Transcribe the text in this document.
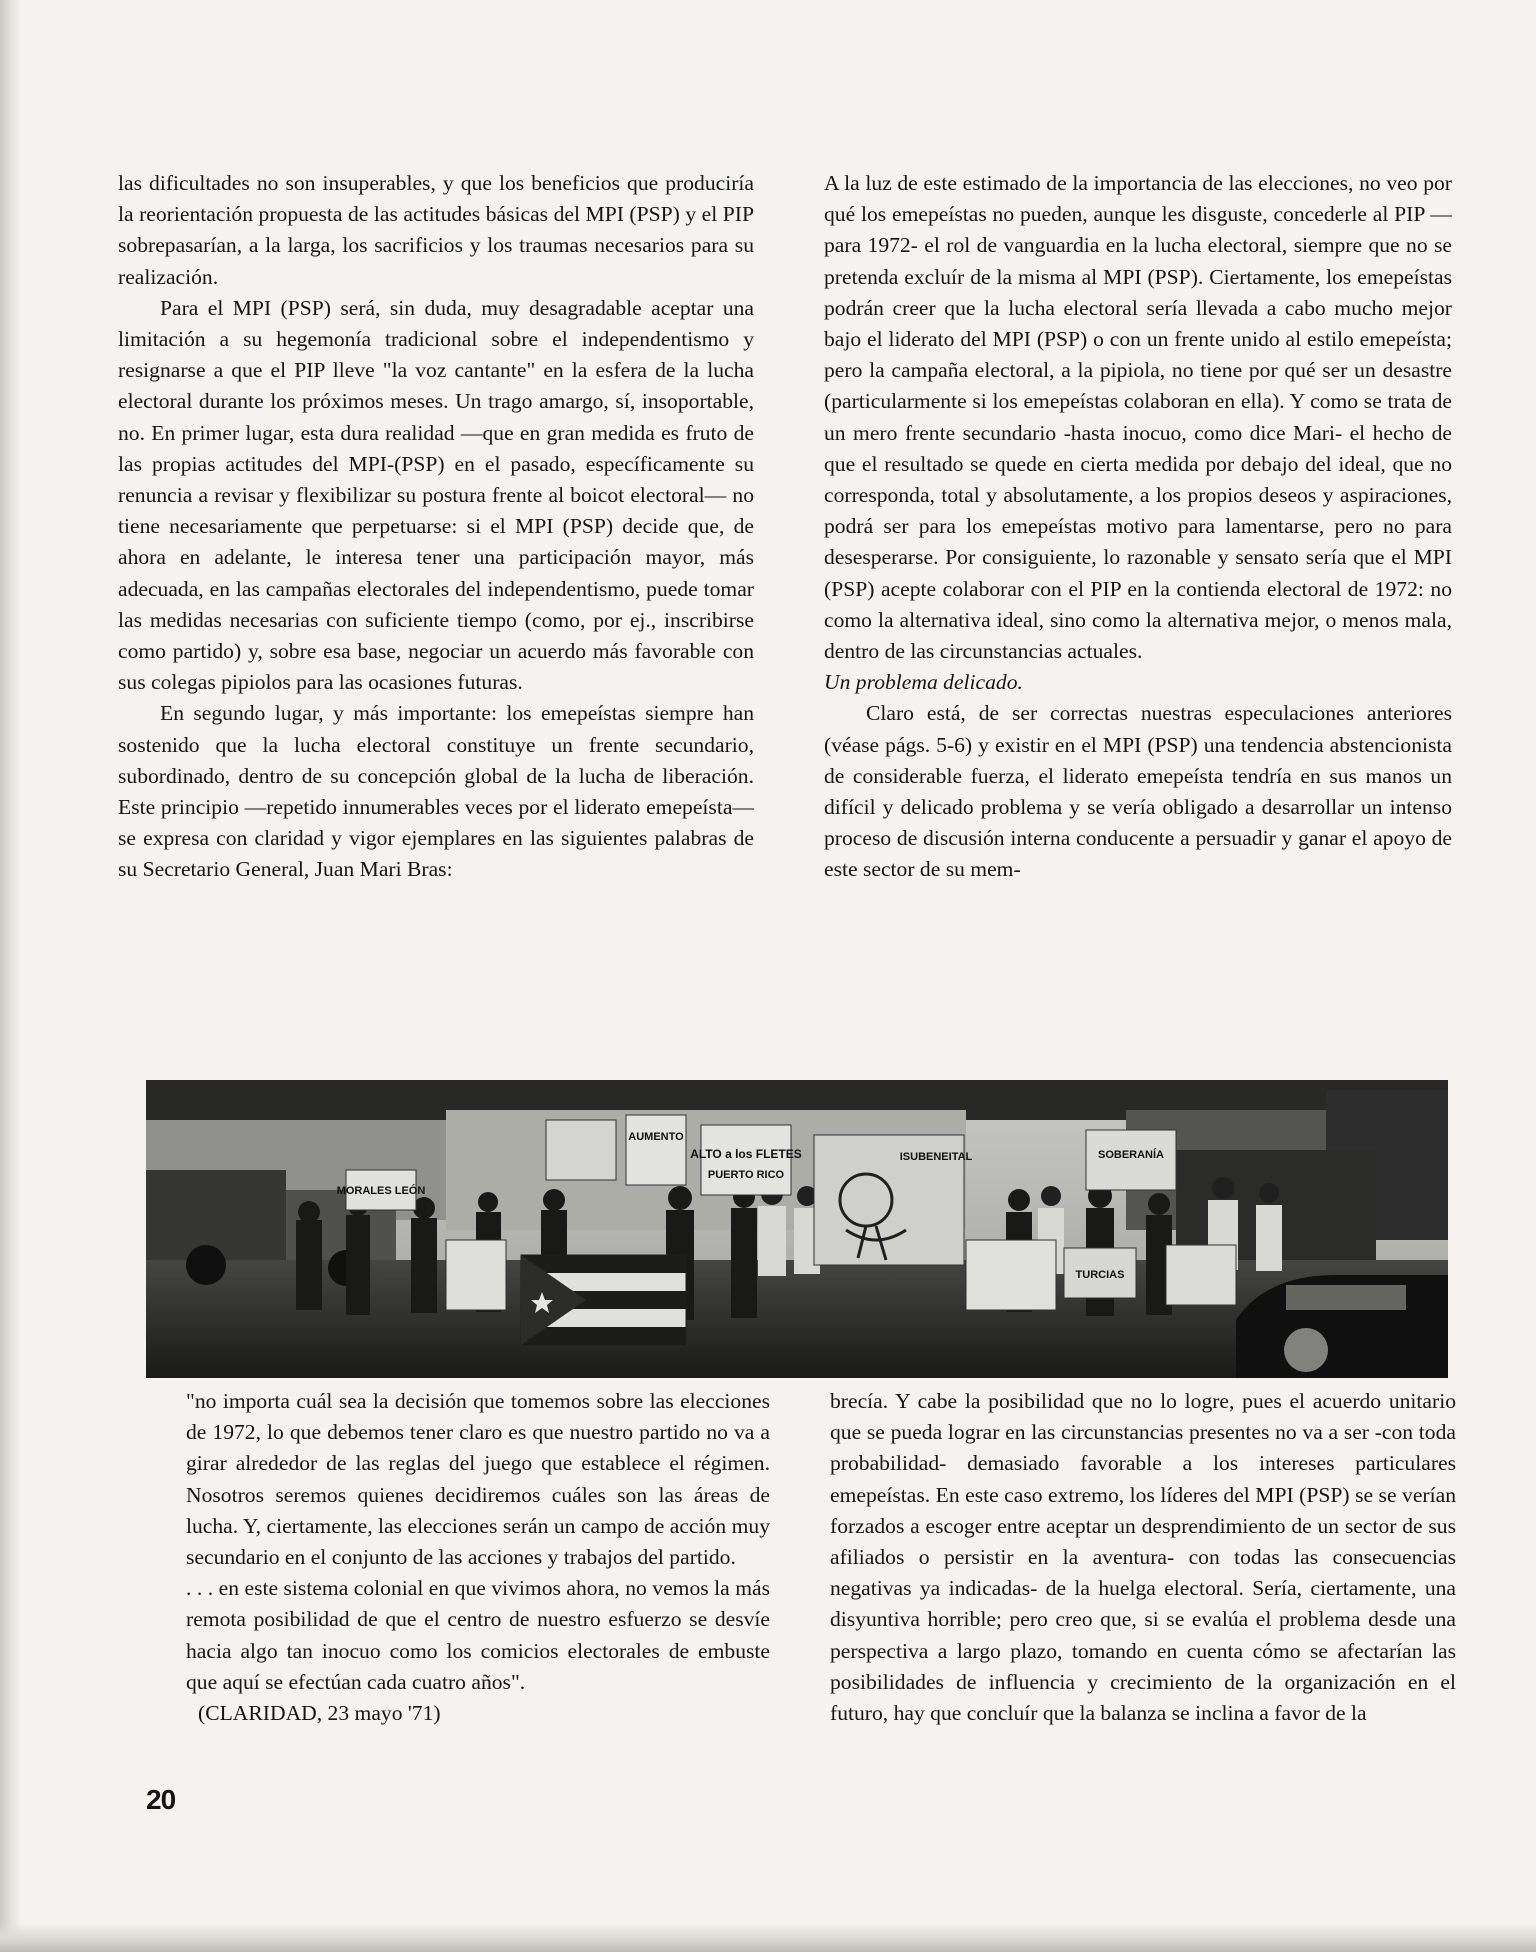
las dificultades no son insuperables, y que los beneficios que produciría la reorientación propuesta de las actitudes básicas del MPI (PSP) y el PIP sobrepasarían, a la larga, los sacrificios y los traumas necesarios para su realización.

Para el MPI (PSP) será, sin duda, muy desagradable aceptar una limitación a su hegemonía tradicional sobre el independentismo y resignarse a que el PIP lleve "la voz cantante" en la esfera de la lucha electoral durante los próximos meses. Un trago amargo, sí, insoportable, no. En primer lugar, esta dura realidad —que en gran medida es fruto de las propias actitudes del MPI-(PSP) en el pasado, específicamente su renuncia a revisar y flexibilizar su postura frente al boicot electoral— no tiene necesariamente que perpetuarse: si el MPI (PSP) decide que, de ahora en adelante, le interesa tener una participación mayor, más adecuada, en las campañas electorales del independentismo, puede tomar las medidas necesarias con suficiente tiempo (como, por ej., inscribirse como partido) y, sobre esa base, negociar un acuerdo más favorable con sus colegas pipiolos para las ocasiones futuras.

En segundo lugar, y más importante: los emepeístas siempre han sostenido que la lucha electoral constituye un frente secundario, subordinado, dentro de su concepción global de la lucha de liberación. Este principio —repetido innumerables veces por el liderato emepeísta— se expresa con claridad y vigor ejemplares en las siguientes palabras de su Secretario General, Juan Mari Bras:

A la luz de este estimado de la importancia de las elecciones, no veo por qué los emepeístas no pueden, aunque les disguste, concederle al PIP — para 1972- el rol de vanguardia en la lucha electoral, siempre que no se pretenda excluír de la misma al MPI (PSP). Ciertamente, los emepeístas podrán creer que la lucha electoral sería llevada a cabo mucho mejor bajo el liderato del MPI (PSP) o con un frente unido al estilo emepeísta; pero la campaña electoral, a la pipiola, no tiene por qué ser un desastre (particularmente si los emepeístas colaboran en ella). Y como se trata de un mero frente secundario -hasta inocuo, como dice Mari- el hecho de que el resultado se quede en cierta medida por debajo del ideal, que no corresponda, total y absolutamente, a los propios deseos y aspiraciones, podrá ser para los emepeístas motivo para lamentarse, pero no para desesperarse. Por consiguiente, lo razonable y sensato sería que el MPI (PSP) acepte colaborar con el PIP en la contienda electoral de 1972: no como la alternativa ideal, sino como la alternativa mejor, o menos mala, dentro de las circunstancias actuales.

Un problema delicado.

Claro está, de ser correctas nuestras especulaciones anteriores (véase págs. 5-6) y existir en el MPI (PSP) una tendencia abstencionista de considerable fuerza, el liderato emepeísta tendría en sus manos un difícil y delicado problema y se vería obligado a desarrollar un intenso proceso de discusión interna conducente a persuadir y ganar el apoyo de este sector de su mem-

MORALES LEÓN
AUMENTO
ALTO a los FLETES
PUERTO RICO
ISUBENEITAL	SOBERANÍA
TURCIAS

"no importa cuál sea la decisión que tomemos sobre las elecciones de 1972, lo que debemos tener claro es que nuestro partido no va a girar alrededor de las reglas del juego que establece el régimen. Nosotros seremos quienes decidiremos cuáles son las áreas de lucha. Y, ciertamente, las elecciones serán un campo de acción muy secundario en el conjunto de las acciones y trabajos del partido.

. . . en este sistema colonial en que vivimos ahora, no vemos la más remota posibilidad de que el centro de nuestro esfuerzo se desvíe hacia algo tan inocuo como los comicios electorales de embuste que aquí se efectúan cada cuatro años".

(CLARIDAD, 23 mayo '71)

brecía. Y cabe la posibilidad que no lo logre, pues el acuerdo unitario que se pueda lograr en las circunstancias presentes no va a ser -con toda probabilidad- demasiado favorable a los intereses particulares emepeístas. En este caso extremo, los líderes del MPI (PSP) se se verían forzados a escoger entre aceptar un desprendimiento de un sector de sus afiliados o persistir en la aventura- con todas las consecuencias negativas ya indicadas- de la huelga electoral. Sería, ciertamente, una disyuntiva horrible; pero creo que, si se evalúa el problema desde una perspectiva a largo plazo, tomando en cuenta cómo se afectarían las posibilidades de influencia y crecimiento de la organización en el futuro, hay que concluír que la balanza se inclina a favor de la

20
